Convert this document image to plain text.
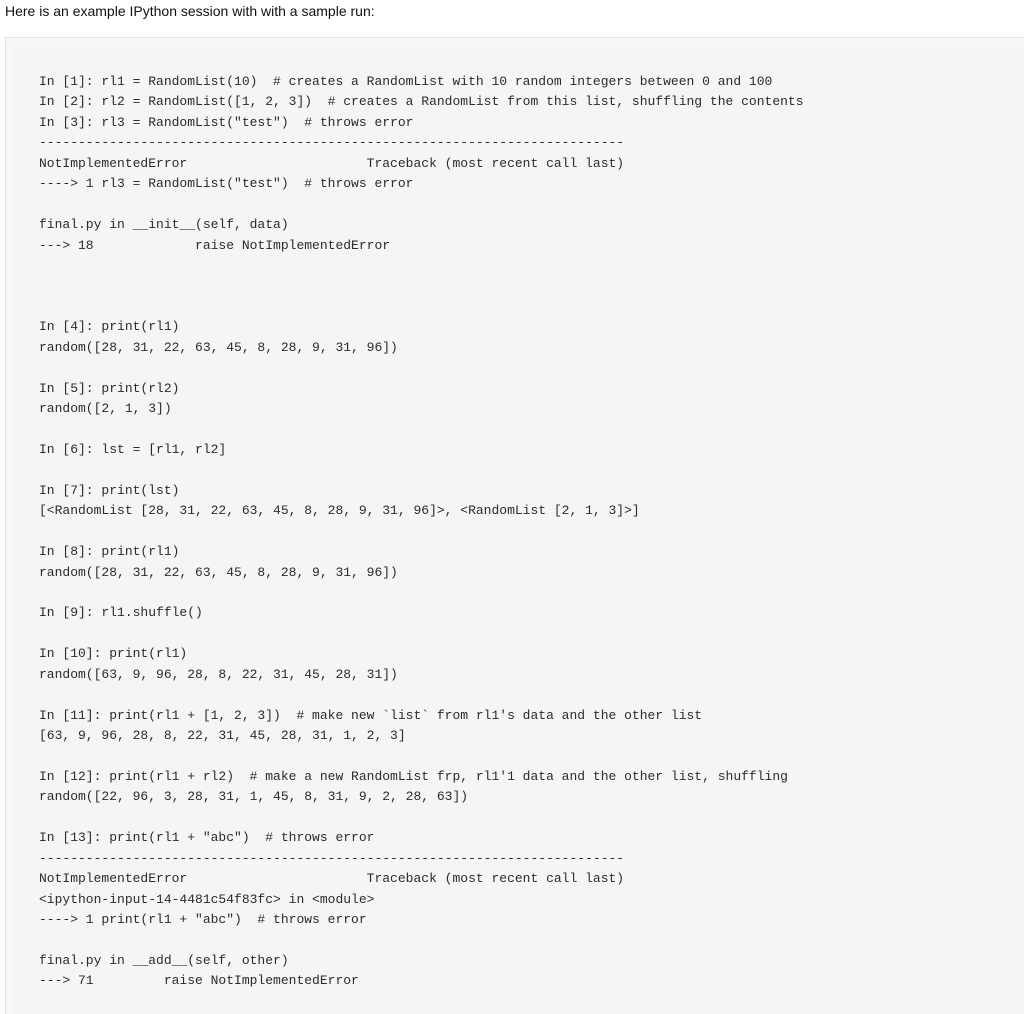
Here is an example IPython session with with a sample run:
In [1]: rl1 = RandomList(10)  # creates a RandomList with 10 random integers between 0 and 100
In [2]: rl2 = RandomList([1, 2, 3])  # creates a RandomList from this list, shuffling the contents
In [3]: rl3 = RandomList("test")  # throws error
---------------------------------------------------------------------------
NotImplementedError                       Traceback (most recent call last)
----> 1 rl3 = RandomList("test")  # throws error
final.py in __init__(self, data)
---> 18             raise NotImplementedError
In [4]: print(rl1)
random([28, 31, 22, 63, 45, 8, 28, 9, 31, 96])
In [5]: print(rl2)
random([2, 1, 3])
In [6]: lst = [rl1, rl2]
In [7]: print(lst)
[<RandomList [28, 31, 22, 63, 45, 8, 28, 9, 31, 96]>, <RandomList [2, 1, 3]>]
In [8]: print(rl1)
random([28, 31, 22, 63, 45, 8, 28, 9, 31, 96])
In [9]: rl1.shuffle()
In [10]: print(rl1)
random([63, 9, 96, 28, 8, 22, 31, 45, 28, 31])
In [11]: print(rl1 + [1, 2, 3])  # make new `list` from rl1's data and the other list
[63, 9, 96, 28, 8, 22, 31, 45, 28, 31, 1, 2, 3]
In [12]: print(rl1 + rl2)  # make a new RandomList frp, rl1'1 data and the other list, shuffling
random([22, 96, 3, 28, 31, 1, 45, 8, 31, 9, 2, 28, 63])
In [13]: print(rl1 + "abc")  # throws error
---------------------------------------------------------------------------
NotImplementedError                       Traceback (most recent call last)
<ipython-input-14-4481c54f83fc> in <module>
----> 1 print(rl1 + "abc")  # throws error
final.py in __add__(self, other)
---> 71         raise NotImplementedError
